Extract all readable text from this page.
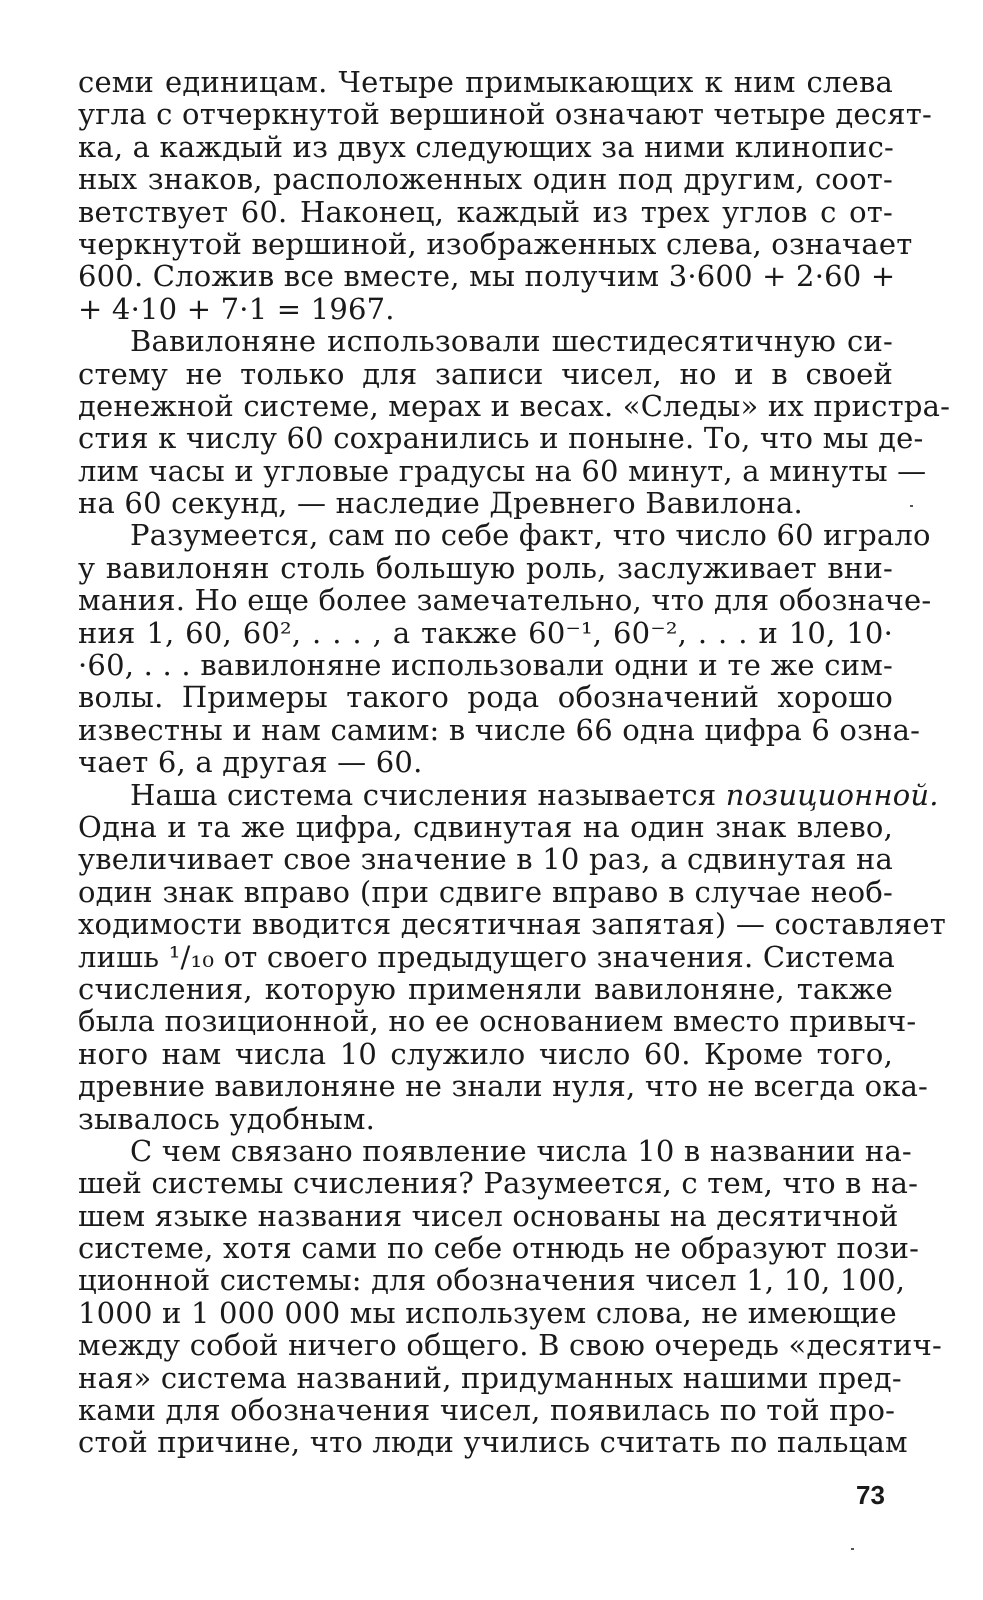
семи единицам. Четыре примыкающих к ним слева
угла с отчеркнутой вершиной означают четыре десят-
ка, а каждый из двух следующих за ними клинопис-
ных знаков, расположенных один под другим, соот-
ветствует 60. Наконец, каждый из трех углов с от-
черкнутой вершиной, изображенных слева, означает
600. Сложив все вместе, мы получим 3·600 + 2·60 +
+ 4·10 + 7·1 = 1967.
Вавилоняне использовали шестидесятичную си-
стему не только для записи чисел, но и в своей
денежной системе, мерах и весах. «Следы» их пристра-
стия к числу 60 сохранились и поныне. То, что мы де-
лим часы и угловые градусы на 60 минут, а минуты —
на 60 секунд, — наследие Древнего Вавилона.
Разумеется, сам по себе факт, что число 60 играло
у вавилонян столь большую роль, заслуживает вни-
мания. Но еще более замечательно, что для обозначе-
ния 1, 60, 60², . . . , а также 60⁻¹, 60⁻², . . . и 10, 10·
·60, . . . вавилоняне использовали одни и те же сим-
волы. Примеры такого рода обозначений хорошо
известны и нам самим: в числе 66 одна цифра 6 озна-
чает 6, а другая — 60.
Наша система счисления называется позиционной.
Одна и та же цифра, сдвинутая на один знак влево,
увеличивает свое значение в 10 раз, а сдвинутая на
один знак вправо (при сдвиге вправо в случае необ-
ходимости вводится десятичная запятая) — составляет
лишь ¹/₁₀ от своего предыдущего значения. Система
счисления, которую применяли вавилоняне, также
была позиционной, но ее основанием вместо привыч-
ного нам числа 10 служило число 60. Кроме того,
древние вавилоняне не знали нуля, что не всегда ока-
зывалось удобным.
С чем связано появление числа 10 в названии на-
шей системы счисления? Разумеется, с тем, что в на-
шем языке названия чисел основаны на десятичной
системе, хотя сами по себе отнюдь не образуют пози-
ционной системы: для обозначения чисел 1, 10, 100,
1000 и 1 000 000 мы используем слова, не имеющие
между собой ничего общего. В свою очередь «десятич-
ная» система названий, придуманных нашими пред-
ками для обозначения чисел, появилась по той про-
стой причине, что люди учились считать по пальцам
73
